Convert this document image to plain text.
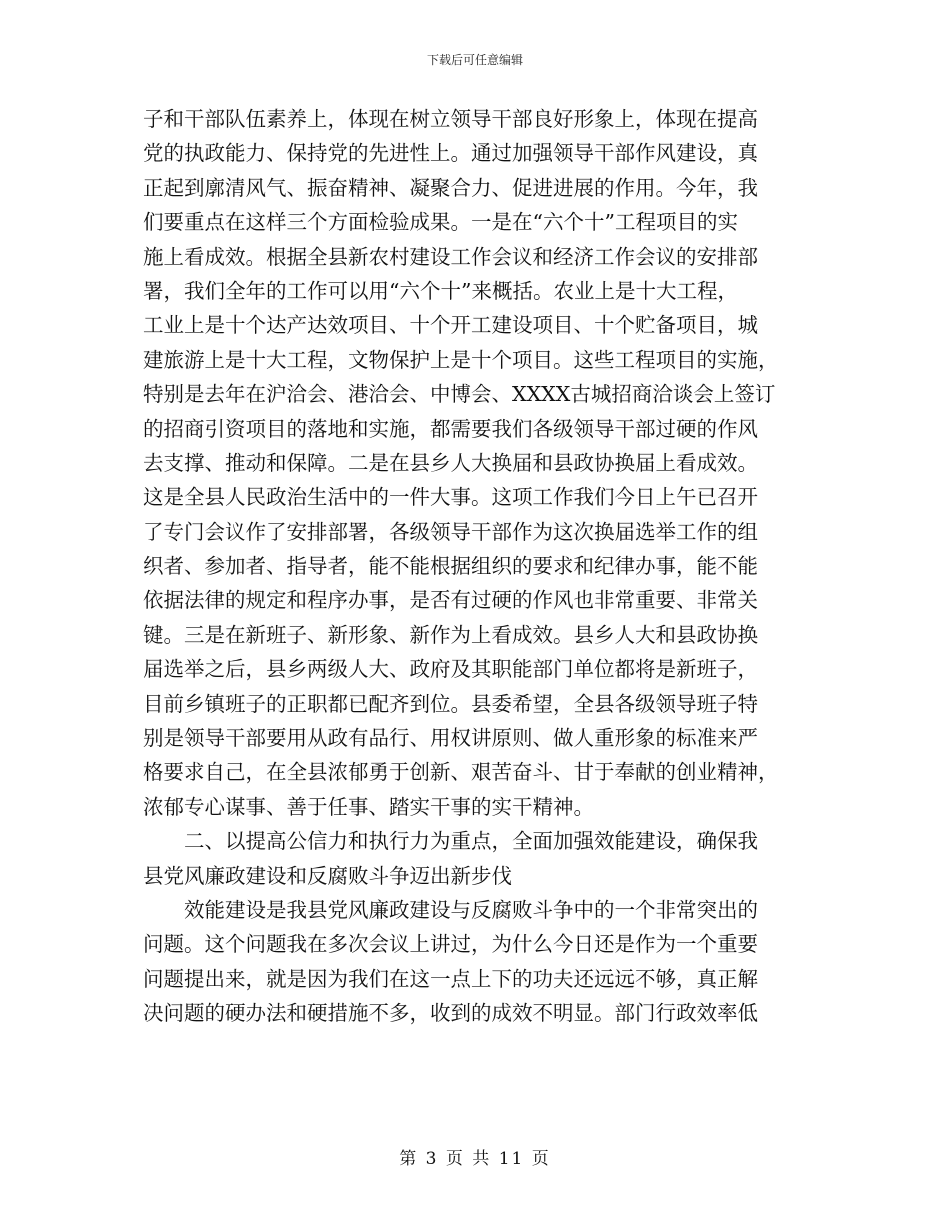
下载后可任意编辑
子和干部队伍素养上，体现在树立领导干部良好形象上，体现在提高
党的执政能力、保持党的先进性上。通过加强领导干部作风建设，真
正起到廓清风气、振奋精神、凝聚合力、促进进展的作用。今年，我
们要重点在这样三个方面检验成果。一是在“六个十”工程项目的实
施上看成效。根据全县新农村建设工作会议和经济工作会议的安排部
署，我们全年的工作可以用“六个十”来概括。农业上是十大工程，
工业上是十个达产达效项目、十个开工建设项目、十个贮备项目，城
建旅游上是十大工程，文物保护上是十个项目。这些工程项目的实施，
特别是去年在沪洽会、港洽会、中博会、XXXX古城招商洽谈会上签订
的招商引资项目的落地和实施，都需要我们各级领导干部过硬的作风
去支撑、推动和保障。二是在县乡人大换届和县政协换届上看成效。
这是全县人民政治生活中的一件大事。这项工作我们今日上午已召开
了专门会议作了安排部署，各级领导干部作为这次换届选举工作的组
织者、参加者、指导者，能不能根据组织的要求和纪律办事，能不能
依据法律的规定和程序办事，是否有过硬的作风也非常重要、非常关
键。三是在新班子、新形象、新作为上看成效。县乡人大和县政协换
届选举之后，县乡两级人大、政府及其职能部门单位都将是新班子，
目前乡镇班子的正职都已配齐到位。县委希望，全县各级领导班子特
别是领导干部要用从政有品行、用权讲原则、做人重形象的标准来严
格要求自己，在全县浓郁勇于创新、艰苦奋斗、甘于奉献的创业精神，
浓郁专心谋事、善于任事、踏实干事的实干精神。
二、以提高公信力和执行力为重点，全面加强效能建设，确保我
县党风廉政建设和反腐败斗争迈出新步伐
效能建设是我县党风廉政建设与反腐败斗争中的一个非常突出的
问题。这个问题我在多次会议上讲过，为什么今日还是作为一个重要
问题提出来，就是因为我们在这一点上下的功夫还远远不够，真正解
决问题的硬办法和硬措施不多，收到的成效不明显。部门行政效率低
第 3 页 共 11 页
